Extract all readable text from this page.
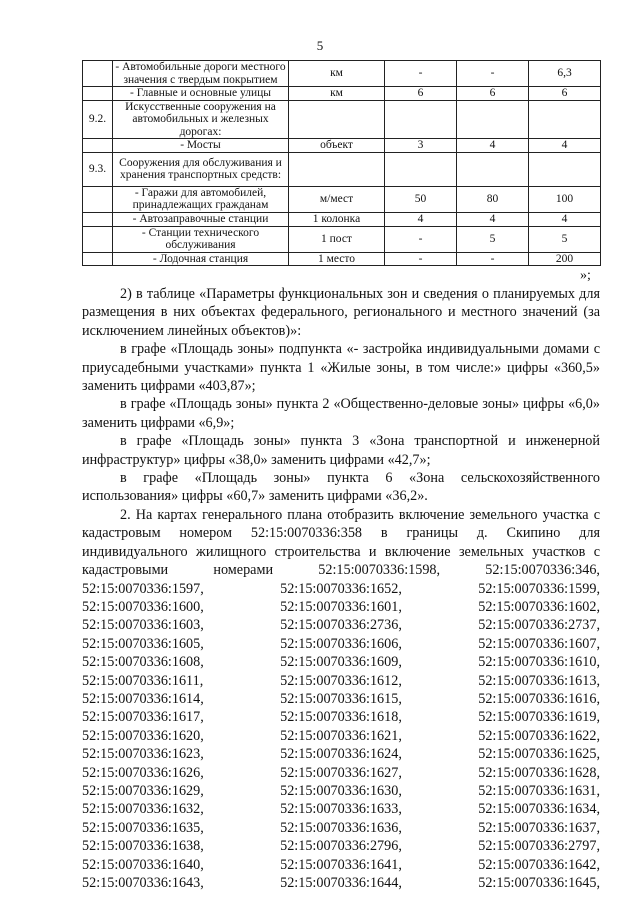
5
	- Автомобильные дороги местного значения с твердым покрытием	км	-	-	6,3
	- Главные и основные улицы	км	6	6	6
9.2.	Искусственные сооружения на автомобильных и железных дорогах:				
	- Мосты	объект	3	4	4
9.3.	Сооружения для обслуживания и хранения транспортных средств:				
	- Гаражи для автомобилей, принадлежащих гражданам	м/мест	50	80	100
	- Автозаправочные станции	1 колонка	4	4	4
	- Станции технического обслуживания	1 пост	-	5	5
	- Лодочная станция	1 место	-	-	200
»;

2) в таблице «Параметры функциональных зон и сведения о планируемых для размещения в них объектах федерального, регионального и местного значений (за исключением линейных объектов)»:

в графе «Площадь зоны» подпункта «- застройка индивидуальными домами с приусадебными участками» пункта 1 «Жилые зоны, в том числе:» цифры «360,5» заменить цифрами «403,87»;

в графе «Площадь зоны» пункта 2 «Общественно-деловые зоны» цифры «6,0» заменить цифрами «6,9»;

в графе «Площадь зоны» пункта 3 «Зона транспортной и инженерной инфраструктур» цифры «38,0» заменить цифрами «42,7»;

в графе «Площадь зоны» пункта 6 «Зона сельскохозяйственного использования» цифры «60,7» заменить цифрами «36,2».

2. На картах генерального плана отобразить включение земельного участка с кадастровым номером 52:15:0070336:358 в границы д. Скипино для индивидуального жилищного строительства и включение земельных участков с

кадастровыми	номерами	52:15:0070336:1598,	52:15:0070336:346,
52:15:0070336:1597,	52:15:0070336:1652,	52:15:0070336:1599,
52:15:0070336:1600,	52:15:0070336:1601,	52:15:0070336:1602,
52:15:0070336:1603,	52:15:0070336:2736,	52:15:0070336:2737,
52:15:0070336:1605,	52:15:0070336:1606,	52:15:0070336:1607,
52:15:0070336:1608,	52:15:0070336:1609,	52:15:0070336:1610,
52:15:0070336:1611,	52:15:0070336:1612,	52:15:0070336:1613,
52:15:0070336:1614,	52:15:0070336:1615,	52:15:0070336:1616,
52:15:0070336:1617,	52:15:0070336:1618,	52:15:0070336:1619,
52:15:0070336:1620,	52:15:0070336:1621,	52:15:0070336:1622,
52:15:0070336:1623,	52:15:0070336:1624,	52:15:0070336:1625,
52:15:0070336:1626,	52:15:0070336:1627,	52:15:0070336:1628,
52:15:0070336:1629,	52:15:0070336:1630,	52:15:0070336:1631,
52:15:0070336:1632,	52:15:0070336:1633,	52:15:0070336:1634,
52:15:0070336:1635,	52:15:0070336:1636,	52:15:0070336:1637,
52:15:0070336:1638,	52:15:0070336:2796,	52:15:0070336:2797,
52:15:0070336:1640,	52:15:0070336:1641,	52:15:0070336:1642,
52:15:0070336:1643,	52:15:0070336:1644,	52:15:0070336:1645,
